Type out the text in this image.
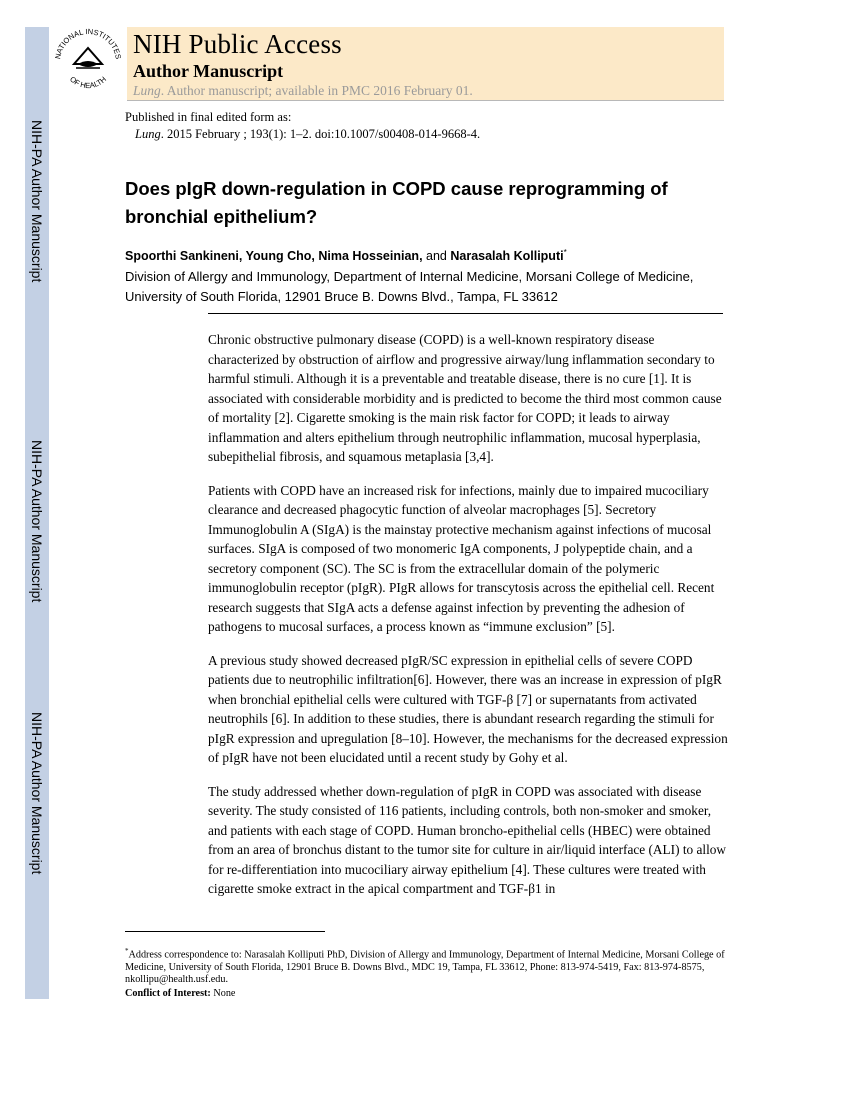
NIH-PA Author Manuscript
NIH-PA Author Manuscript
NIH-PA Author Manuscript
NATIONAL INSTITUTES
OF HEALTH
NIH Public Access
Author Manuscript
Lung. Author manuscript; available in PMC 2016 February 01.
Published in final edited form as:
Lung. 2015 February ; 193(1): 1–2. doi:10.1007/s00408-014-9668-4.
Does pIgR down-regulation in COPD cause reprogramming of bronchial epithelium?
Spoorthi Sankineni, Young Cho, Nima Hosseinian, and Narasalah Kolliputi*
Division of Allergy and Immunology, Department of Internal Medicine, Morsani College of Medicine, University of South Florida, 12901 Bruce B. Downs Blvd., Tampa, FL 33612

Chronic obstructive pulmonary disease (COPD) is a well-known respiratory disease characterized by obstruction of airflow and progressive airway/lung inflammation secondary to harmful stimuli. Although it is a preventable and treatable disease, there is no cure [1]. It is associated with considerable morbidity and is predicted to become the third most common cause of mortality [2]. Cigarette smoking is the main risk factor for COPD; it leads to airway inflammation and alters epithelium through neutrophilic inflammation, mucosal hyperplasia, subepithelial fibrosis, and squamous metaplasia [3,4].

Patients with COPD have an increased risk for infections, mainly due to impaired mucociliary clearance and decreased phagocytic function of alveolar macrophages [5]. Secretory Immunoglobulin A (SIgA) is the mainstay protective mechanism against infections of mucosal surfaces. SIgA is composed of two monomeric IgA components, J polypeptide chain, and a secretory component (SC). The SC is from the extracellular domain of the polymeric immunoglobulin receptor (pIgR). PIgR allows for transcytosis across the epithelial cell. Recent research suggests that SIgA acts a defense against infection by preventing the adhesion of pathogens to mucosal surfaces, a process known as “immune exclusion” [5].

A previous study showed decreased pIgR/SC expression in epithelial cells of severe COPD patients due to neutrophilic infiltration[6]. However, there was an increase in expression of pIgR when bronchial epithelial cells were cultured with TGF-β [7] or supernatants from activated neutrophils [6]. In addition to these studies, there is abundant research regarding the stimuli for pIgR expression and upregulation [8–10]. However, the mechanisms for the decreased expression of pIgR have not been elucidated until a recent study by Gohy et al.

The study addressed whether down-regulation of pIgR in COPD was associated with disease severity. The study consisted of 116 patients, including controls, both non-smoker and smoker, and patients with each stage of COPD. Human broncho-epithelial cells (HBEC) were obtained from an area of bronchus distant to the tumor site for culture in air/liquid interface (ALI) to allow for re-differentiation into mucociliary airway epithelium [4]. These cultures were treated with cigarette smoke extract in the apical compartment and TGF-β1 in

*Address correspondence to: Narasalah Kolliputi PhD, Division of Allergy and Immunology, Department of Internal Medicine, Morsani College of Medicine, University of South Florida, 12901 Bruce B. Downs Blvd., MDC 19, Tampa, FL 33612, Phone: 813-974-5419, Fax: 813-974-8575, nkollipu@health.usf.edu.
Conflict of Interest: None
